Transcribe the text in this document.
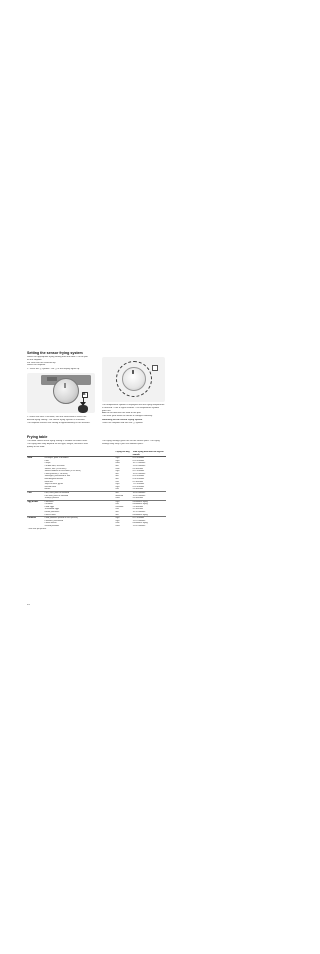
Setting the sensor frying system
Select the appropriate frying setting from the table. Put the pan
on the hotplate.
For cool rose are selected up.
Select the hotplate.
1. Touch the Ⓐ symbol. The Ⓐ in the display lights up.
B
2. Within the next 5 seconds, turn the hand knob to select the
desired frying setting. The sensor frying system is activated.
The hotplate reaches the setting in approximately as ten minutes.
The temperature symbol is displayed until the frying temperature
is reached. Then a signal sounds. The temperature symbol
goes out.
Add the fat and then the food to the pan.
Turn over your meals to ensure it changes harmony.
Switching off the sensor frying system
Touch the hotplate and turn the Ⓐ symbol.
Frying table
The table shows which frying setting is suitable for which food.
The frying time may depend on the type, weight, thickness and
quality of the food.
The frying settings given are for the sensor pans. The frying
settings may vary if you use different pans.
		Frying set-ting	Total frying time after the sig-nal sounds
Meat	Escalope, plain or breaded	high	6-10 minutes
	Fillet	high	6-10 minutes
	Chops	med	10-17 minutes
	Cordon bleu, schnitzel	low	15-20 minutes
	Steaks, rare (3 cm thick)	max	6-8 minutes
	Steaks medium or well done (3 cm thick)	high	8-12 minutes
	Poultry breast (2 cm thick)	low	10-20 minutes
	Sausages, precooked or raw	low	8-20 minutes
	Hamburgers/rissoles	low	6-30 minutes
	Meat loaf	min	6-9 minutes
	Strips of meat, gyros	high	7-12 minutes
	Minced meat	high	6-10 minutes
	Bacon	min	5-8 minutes
Fish	Fish, fried, plain or breaded	low	10-20 minutes
	Fish fillet, plain or breaded	low/med	10-20 minutes
	Scampi, prawns	med	4-8 minutes
Egg dishes	Pancakes*	high	continuous frying
	Omelette	min	continuous frying
	Fried eggs	min/med	2-6 minutes
	Scrambled eggs	min	4-9 minutes
	Raisin pancakes	low	10-15 minutes
	French toast	low	continuous frying
Potatoes	Fried potatoes (boiled in their jackets)	high	6-12 minutes
	Potatoes, precooked	high	15-25 minutes
	Potato fritters	max	continuous frying
	Glazed potatoes	med	15-20 minutes
* Total time per portion.
14
